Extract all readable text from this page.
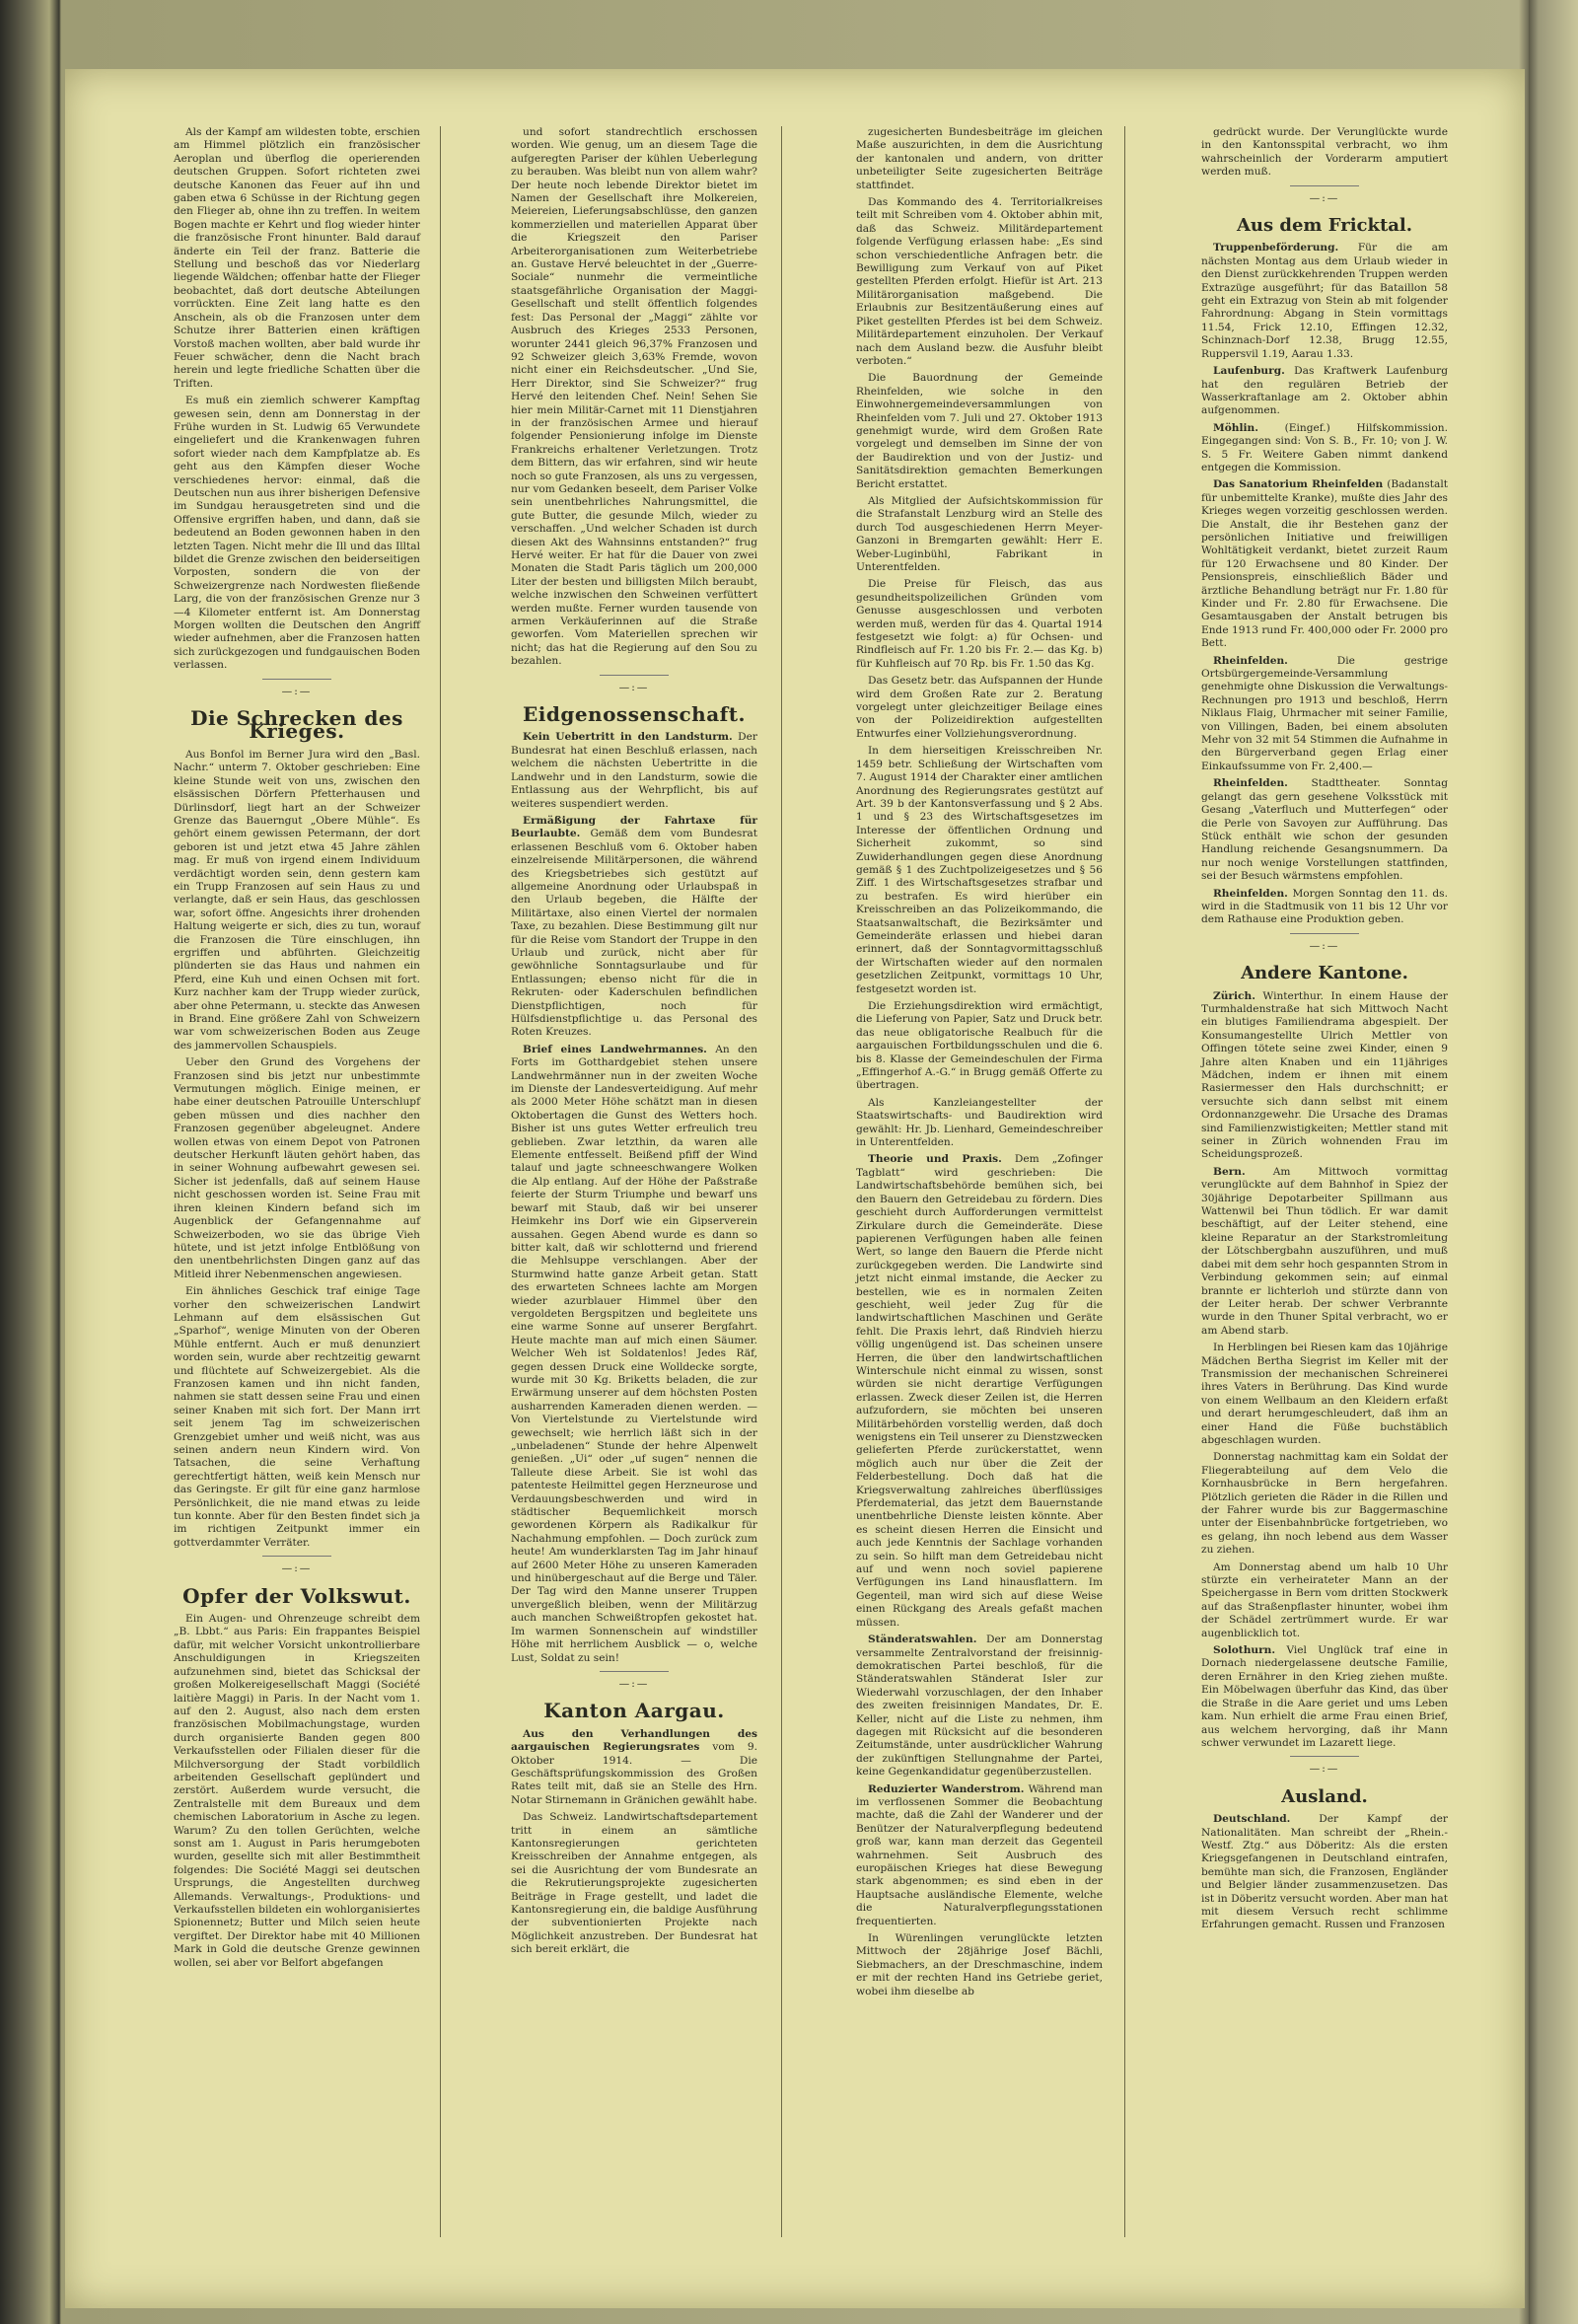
Als der Kampf am wildesten tobte, erschien am Himmel plötzlich ein französischer Aeroplan und überflog die operierenden deutschen Gruppen. Sofort richteten zwei deutsche Kanonen das Feuer auf ihn und gaben etwa 6 Schüsse in der Richtung gegen den Flieger ab, ohne ihn zu treffen. In weitem Bogen machte er Kehrt und flog wieder hinter die französische Front hinunter. Bald darauf änderte ein Teil der franz. Batterie die Stellung und beschoß das vor Niederlarg liegende Wäldchen; offenbar hatte der Flieger beobachtet, daß dort deutsche Abteilungen vorrückten. Eine Zeit lang hatte es den Anschein, als ob die Franzosen unter dem Schutze ihrer Batterien einen kräftigen Vorstoß machen wollten, aber bald wurde ihr Feuer schwächer, denn die Nacht brach herein und legte friedliche Schatten über die Triften.

Es muß ein ziemlich schwerer Kampftag gewesen sein, denn am Donnerstag in der Frühe wurden in St. Ludwig 65 Verwundete eingeliefert und die Krankenwagen fuhren sofort wieder nach dem Kampfplatze ab. Es geht aus den Kämpfen dieser Woche verschiedenes hervor: einmal, daß die Deutschen nun aus ihrer bisherigen Defensive im Sundgau herausgetreten sind und die Offensive ergriffen haben, und dann, daß sie bedeutend an Boden gewonnen haben in den letzten Tagen. Nicht mehr die Ill und das Illtal bildet die Grenze zwischen den beiderseitigen Vorposten, sondern die von der Schweizergrenze nach Nordwesten fließende Larg, die von der französischen Grenze nur 3—4 Kilometer entfernt ist. Am Donnerstag Morgen wollten die Deutschen den Angriff wieder aufnehmen, aber die Franzosen hatten sich zurückgezogen und fundgauischen Boden verlassen.

—:—
Die Schrecken des Krieges.

Aus Bonfol im Berner Jura wird den „Basl. Nachr.“ unterm 7. Oktober geschrieben: Eine kleine Stunde weit von uns, zwischen den elsässischen Dörfern Pfetterhausen und Dürlinsdorf, liegt hart an der Schweizer Grenze das Bauerngut „Obere Mühle“. Es gehört einem gewissen Petermann, der dort geboren ist und jetzt etwa 45 Jahre zählen mag. Er muß von irgend einem Individuum verdächtigt worden sein, denn gestern kam ein Trupp Franzosen auf sein Haus zu und verlangte, daß er sein Haus, das geschlossen war, sofort öffne. Angesichts ihrer drohenden Haltung weigerte er sich, dies zu tun, worauf die Franzosen die Türe einschlugen, ihn ergriffen und abführten. Gleichzeitig plünderten sie das Haus und nahmen ein Pferd, eine Kuh und einen Ochsen mit fort. Kurz nachher kam der Trupp wieder zurück, aber ohne Petermann, u. steckte das Anwesen in Brand. Eine größere Zahl von Schweizern war vom schweizerischen Boden aus Zeuge des jammervollen Schauspiels.

Ueber den Grund des Vorgehens der Franzosen sind bis jetzt nur unbestimmte Vermutungen möglich. Einige meinen, er habe einer deutschen Patrouille Unterschlupf geben müssen und dies nachher den Franzosen gegenüber abgeleugnet. Andere wollen etwas von einem Depot von Patronen deutscher Herkunft läuten gehört haben, das in seiner Wohnung aufbewahrt gewesen sei. Sicher ist jedenfalls, daß auf seinem Hause nicht geschossen worden ist. Seine Frau mit ihren kleinen Kindern befand sich im Augenblick der Gefangennahme auf Schweizerboden, wo sie das übrige Vieh hütete, und ist jetzt infolge Entblößung von den unentbehrlichsten Dingen ganz auf das Mitleid ihrer Nebenmenschen angewiesen.

Ein ähnliches Geschick traf einige Tage vorher den schweizerischen Landwirt Lehmann auf dem elsässischen Gut „Sparhof“, wenige Minuten von der Oberen Mühle entfernt. Auch er muß denunziert worden sein, wurde aber rechtzeitig gewarnt und flüchtete auf Schweizergebiet. Als die Franzosen kamen und ihn nicht fanden, nahmen sie statt dessen seine Frau und einen seiner Knaben mit sich fort. Der Mann irrt seit jenem Tag im schweizerischen Grenzgebiet umher und weiß nicht, was aus seinen andern neun Kindern wird. Von Tatsachen, die seine Verhaftung gerechtfertigt hätten, weiß kein Mensch nur das Geringste. Er gilt für eine ganz harmlose Persönlichkeit, die nie mand etwas zu leide tun konnte. Aber für den Besten findet sich ja im richtigen Zeitpunkt immer ein gottverdammter Verräter.

—:—
Opfer der Volkswut.

Ein Augen- und Ohrenzeuge schreibt dem „B. Lbbt.“ aus Paris: Ein frappantes Beispiel dafür, mit welcher Vorsicht unkontrollierbare Anschuldigungen in Kriegszeiten aufzunehmen sind, bietet das Schicksal der großen Molkereigesellschaft Maggi (Société laitière Maggi) in Paris. In der Nacht vom 1. auf den 2. August, also nach dem ersten französischen Mobilmachungstage, wurden durch organisierte Banden gegen 800 Verkaufsstellen oder Filialen dieser für die Milchversorgung der Stadt vorbildlich arbeitenden Gesellschaft geplündert und zerstört. Außerdem wurde versucht, die Zentralstelle mit dem Bureaux und dem chemischen Laboratorium in Asche zu legen. Warum? Zu den tollen Gerüchten, welche sonst am 1. August in Paris herumgeboten wurden, gesellte sich mit aller Bestimmtheit folgendes: Die Société Maggi sei deutschen Ursprungs, die Angestellten durchweg Allemands. Verwaltungs-, Produktions- und Verkaufsstellen bildeten ein wohlorganisiertes Spionennetz; Butter und Milch seien heute vergiftet. Der Direktor habe mit 40 Millionen Mark in Gold die deutsche Grenze gewinnen wollen, sei aber vor Belfort abgefangen

und sofort standrechtlich erschossen worden. Wie genug, um an diesem Tage die aufgeregten Pariser der kühlen Ueberlegung zu berauben. Was bleibt nun von allem wahr? Der heute noch lebende Direktor bietet im Namen der Gesellschaft ihre Molkereien, Meiereien, Lieferungsabschlüsse, den ganzen kommerziellen und materiellen Apparat über die Kriegszeit den Pariser Arbeiterorganisationen zum Weiterbetriebe an. Gustave Hervé beleuchtet in der „Guerre-Sociale“ nunmehr die vermeintliche staatsgefährliche Organisation der Maggi-Gesellschaft und stellt öffentlich folgendes fest: Das Personal der „Maggi“ zählte vor Ausbruch des Krieges 2533 Personen, worunter 2441 gleich 96,37% Franzosen und 92 Schweizer gleich 3,63% Fremde, wovon nicht einer ein Reichsdeutscher. „Und Sie, Herr Direktor, sind Sie Schweizer?“ frug Hervé den leitenden Chef. Nein! Sehen Sie hier mein Militär-Carnet mit 11 Dienstjahren in der französischen Armee und hierauf folgender Pensionierung infolge im Dienste Frankreichs erhaltener Verletzungen. Trotz dem Bittern, das wir erfahren, sind wir heute noch so gute Franzosen, als uns zu vergessen, nur vom Gedanken beseelt, dem Pariser Volke sein unentbehrliches Nahrungsmittel, die gute Butter, die gesunde Milch, wieder zu verschaffen. „Und welcher Schaden ist durch diesen Akt des Wahnsinns entstanden?“ frug Hervé weiter. Er hat für die Dauer von zwei Monaten die Stadt Paris täglich um 200,000 Liter der besten und billigsten Milch beraubt, welche inzwischen den Schweinen verfüttert werden mußte. Ferner wurden tausende von armen Verkäuferinnen auf die Straße geworfen. Vom Materiellen sprechen wir nicht; das hat die Regierung auf den Sou zu bezahlen.

—:—
Eidgenossenschaft.

Kein Uebertritt in den Landsturm. Der Bundesrat hat einen Beschluß erlassen, nach welchem die nächsten Uebertritte in die Landwehr und in den Landsturm, sowie die Entlassung aus der Wehrpflicht, bis auf weiteres suspendiert werden.

Ermäßigung der Fahrtaxe für Beurlaubte. Gemäß dem vom Bundesrat erlassenen Beschluß vom 6. Oktober haben einzelreisende Militärpersonen, die während des Kriegsbetriebes sich gestützt auf allgemeine Anordnung oder Urlaubspaß in den Urlaub begeben, die Hälfte der Militärtaxe, also einen Viertel der normalen Taxe, zu bezahlen. Diese Bestimmung gilt nur für die Reise vom Standort der Truppe in den Urlaub und zurück, nicht aber für gewöhnliche Sonntagsurlaube und für Entlassungen; ebenso nicht für die in Rekruten- oder Kaderschulen befindlichen Dienstpflichtigen, noch für Hülfsdienstpflichtige u. das Personal des Roten Kreuzes.

Brief eines Landwehrmannes. An den Forts im Gotthardgebiet stehen unsere Landwehrmänner nun in der zweiten Woche im Dienste der Landesverteidigung. Auf mehr als 2000 Meter Höhe schätzt man in diesen Oktobertagen die Gunst des Wetters hoch. Bisher ist uns gutes Wetter erfreulich treu geblieben. Zwar letzthin, da waren alle Elemente entfesselt. Beißend pfiff der Wind talauf und jagte schneeschwangere Wolken die Alp entlang. Auf der Höhe der Paßstraße feierte der Sturm Triumphe und bewarf uns bewarf mit Staub, daß wir bei unserer Heimkehr ins Dorf wie ein Gipserverein aussahen. Gegen Abend wurde es dann so bitter kalt, daß wir schlotternd und frierend die Mehlsuppe verschlangen. Aber der Sturmwind hatte ganze Arbeit getan. Statt des erwarteten Schnees lachte am Morgen wieder azurblauer Himmel über den vergoldeten Bergspitzen und begleitete uns eine warme Sonne auf unserer Bergfahrt. Heute machte man auf mich einen Säumer. Welcher Weh ist Soldatenlos! Jedes Räf, gegen dessen Druck eine Wolldecke sorgte, wurde mit 30 Kg. Briketts beladen, die zur Erwärmung unserer auf dem höchsten Posten ausharrenden Kameraden dienen werden. — Von Viertelstunde zu Viertelstunde wird gewechselt; wie herrlich läßt sich in der „unbeladenen“ Stunde der hehre Alpenwelt genießen. „Ui“ oder „uf sugen“ nennen die Talleute diese Arbeit. Sie ist wohl das patenteste Heilmittel gegen Herzneurose und Verdauungsbeschwerden und wird in städtischer Bequemlichkeit morsch gewordenen Körpern als Radikalkur für Nachahmung empfohlen. — Doch zurück zum heute! Am wunderklarsten Tag im Jahr hinauf auf 2600 Meter Höhe zu unseren Kameraden und hinübergeschaut auf die Berge und Täler. Der Tag wird den Manne unserer Truppen unvergeßlich bleiben, wenn der Militärzug auch manchen Schweißtropfen gekostet hat. Im warmen Sonnenschein auf windstiller Höhe mit herrlichem Ausblick — o, welche Lust, Soldat zu sein!

—:—
Kanton Aargau.

Aus den Verhandlungen des aargauischen Regierungsrates vom 9. Oktober 1914. — Die Geschäftsprüfungskommission des Großen Rates teilt mit, daß sie an Stelle des Hrn. Notar Stirnemann in Gränichen gewählt habe.

Das Schweiz. Landwirtschaftsdepartement tritt in einem an sämtliche Kantonsregierungen gerichteten Kreisschreiben der Annahme entgegen, als sei die Ausrichtung der vom Bundesrate an die Rekrutierungsprojekte zugesicherten Beiträge in Frage gestellt, und ladet die Kantonsregierung ein, die baldige Ausführung der subventionierten Projekte nach Möglichkeit anzustreben. Der Bundesrat hat sich bereit erklärt, die

zugesicherten Bundesbeiträge im gleichen Maße auszurichten, in dem die Ausrichtung der kantonalen und andern, von dritter unbeteiligter Seite zugesicherten Beiträge stattfindet.

Das Kommando des 4. Territorialkreises teilt mit Schreiben vom 4. Oktober abhin mit, daß das Schweiz. Militärdepartement folgende Verfügung erlassen habe: „Es sind schon verschiedentliche Anfragen betr. die Bewilligung zum Verkauf von auf Piket gestellten Pferden erfolgt. Hiefür ist Art. 213 Militärorganisation maßgebend. Die Erlaubnis zur Besitzentäußerung eines auf Piket gestellten Pferdes ist bei dem Schweiz. Militärdepartement einzuholen. Der Verkauf nach dem Ausland bezw. die Ausfuhr bleibt verboten.“

Die Bauordnung der Gemeinde Rheinfelden, wie solche in den Einwohnergemeindeversammlungen von Rheinfelden vom 7. Juli und 27. Oktober 1913 genehmigt wurde, wird dem Großen Rate vorgelegt und demselben im Sinne der von der Baudirektion und von der Justiz- und Sanitätsdirektion gemachten Bemerkungen Bericht erstattet.

Als Mitglied der Aufsichtskommission für die Strafanstalt Lenzburg wird an Stelle des durch Tod ausgeschiedenen Herrn Meyer-Ganzoni in Bremgarten gewählt: Herr E. Weber-Luginbühl, Fabrikant in Unterentfelden.

Die Preise für Fleisch, das aus gesundheitspolizeilichen Gründen vom Genusse ausgeschlossen und verboten werden muß, werden für das 4. Quartal 1914 festgesetzt wie folgt: a) für Ochsen- und Rindfleisch auf Fr. 1.20 bis Fr. 2.— das Kg. b) für Kuhfleisch auf 70 Rp. bis Fr. 1.50 das Kg.

Das Gesetz betr. das Aufspannen der Hunde wird dem Großen Rate zur 2. Beratung vorgelegt unter gleichzeitiger Beilage eines von der Polizeidirektion aufgestellten Entwurfes einer Vollziehungsverordnung.

In dem hierseitigen Kreisschreiben Nr. 1459 betr. Schließung der Wirtschaften vom 7. August 1914 der Charakter einer amtlichen Anordnung des Regierungsrates gestützt auf Art. 39 b der Kantonsverfassung und § 2 Abs. 1 und § 23 des Wirtschaftsgesetzes im Interesse der öffentlichen Ordnung und Sicherheit zukommt, so sind Zuwiderhandlungen gegen diese Anordnung gemäß § 1 des Zuchtpolizeigesetzes und § 56 Ziff. 1 des Wirtschaftsgesetzes strafbar und zu bestrafen. Es wird hierüber ein Kreisschreiben an das Polizeikommando, die Staatsanwaltschaft, die Bezirksämter und Gemeinderäte erlassen und hiebei daran erinnert, daß der Sonntagvormittagsschluß der Wirtschaften wieder auf den normalen gesetzlichen Zeitpunkt, vormittags 10 Uhr, festgesetzt worden ist.

Die Erziehungsdirektion wird ermächtigt, die Lieferung von Papier, Satz und Druck betr. das neue obligatorische Realbuch für die aargauischen Fortbildungsschulen und die 6. bis 8. Klasse der Gemeindeschulen der Firma „Effingerhof A.-G.“ in Brugg gemäß Offerte zu übertragen.

Als Kanzleiangestellter der Staatswirtschafts- und Baudirektion wird gewählt: Hr. Jb. Lienhard, Gemeindeschreiber in Unterentfelden.

Theorie und Praxis. Dem „Zofinger Tagblatt“ wird geschrieben: Die Landwirtschaftsbehörde bemühen sich, bei den Bauern den Getreidebau zu fördern. Dies geschieht durch Aufforderungen vermittelst Zirkulare durch die Gemeinderäte. Diese papierenen Verfügungen haben alle feinen Wert, so lange den Bauern die Pferde nicht zurückgegeben werden. Die Landwirte sind jetzt nicht einmal imstande, die Aecker zu bestellen, wie es in normalen Zeiten geschieht, weil jeder Zug für die landwirtschaftlichen Maschinen und Geräte fehlt. Die Praxis lehrt, daß Rindvieh hierzu völlig ungenügend ist. Das scheinen unsere Herren, die über den landwirtschaftlichen Winterschule nicht einmal zu wissen, sonst würden sie nicht derartige Verfügungen erlassen. Zweck dieser Zeilen ist, die Herren aufzufordern, sie möchten bei unseren Militärbehörden vorstellig werden, daß doch wenigstens ein Teil unserer zu Dienstzwecken gelieferten Pferde zurückerstattet, wenn möglich auch nur über die Zeit der Felderbestellung. Doch daß hat die Kriegsverwaltung zahlreiches überflüssiges Pferdematerial, das jetzt dem Bauernstande unentbehrliche Dienste leisten könnte. Aber es scheint diesen Herren die Einsicht und auch jede Kenntnis der Sachlage vorhanden zu sein. So hilft man dem Getreidebau nicht auf und wenn noch soviel papierene Verfügungen ins Land hinausflattern. Im Gegenteil, man wird sich auf diese Weise einen Rückgang des Areals gefaßt machen müssen.

Ständeratswahlen. Der am Donnerstag versammelte Zentralvorstand der freisinnig-demokratischen Partei beschloß, für die Ständeratswahlen Ständerat Isler zur Wiederwahl vorzuschlagen, der den Inhaber des zweiten freisinnigen Mandates, Dr. E. Keller, nicht auf die Liste zu nehmen, ihm dagegen mit Rücksicht auf die besonderen Zeitumstände, unter ausdrücklicher Wahrung der zukünftigen Stellungnahme der Partei, keine Gegenkandidatur gegenüberzustellen.

Reduzierter Wanderstrom. Während man im verflossenen Sommer die Beobachtung machte, daß die Zahl der Wanderer und der Benützer der Naturalverpflegung bedeutend groß war, kann man derzeit das Gegenteil wahrnehmen. Seit Ausbruch des europäischen Krieges hat diese Bewegung stark abgenommen; es sind eben in der Hauptsache ausländische Elemente, welche die Naturalverpflegungsstationen frequentierten.

In Würenlingen verunglückte letzten Mittwoch der 28jährige Josef Bächli, Siebmachers, an der Dreschmaschine, indem er mit der rechten Hand ins Getriebe geriet, wobei ihm dieselbe ab

gedrückt wurde. Der Verunglückte wurde in den Kantonsspital verbracht, wo ihm wahrscheinlich der Vorderarm amputiert werden muß.

—:—
Aus dem Fricktal.

Truppenbeförderung. Für die am nächsten Montag aus dem Urlaub wieder in den Dienst zurückkehrenden Truppen werden Extrazüge ausgeführt; für das Bataillon 58 geht ein Extrazug von Stein ab mit folgender Fahrordnung: Abgang in Stein vormittags 11.54, Frick 12.10, Effingen 12.32, Schinznach-Dorf 12.38, Brugg 12.55, Ruppersvil 1.19, Aarau 1.33.

Laufenburg. Das Kraftwerk Laufenburg hat den regulären Betrieb der Wasserkraftanlage am 2. Oktober abhin aufgenommen.

Möhlin.	(Eingef.) Hilfskommission. Eingegangen sind: Von S. B., Fr. 10; von J. W. S. 5 Fr. Weitere Gaben nimmt dankend entgegen die Kommission.

Das Sanatorium Rheinfelden (Badanstalt für unbemittelte Kranke), mußte dies Jahr des Krieges wegen vorzeitig geschlossen werden. Die Anstalt, die ihr Bestehen ganz der persönlichen Initiative und freiwilligen Wohltätigkeit verdankt, bietet zurzeit Raum für 120 Erwachsene und 80 Kinder. Der Pensionspreis, einschließlich Bäder und ärztliche Behandlung beträgt nur Fr. 1.80 für Kinder und Fr. 2.80 für Erwachsene. Die Gesamtausgaben der Anstalt betrugen bis Ende 1913 rund Fr. 400,000 oder Fr. 2000 pro Bett.

Rheinfelden.	Die gestrige Ortsbürgergemeinde-Versammlung genehmigte ohne Diskussion die Verwaltungs-Rechnungen pro 1913 und beschloß, Herrn Niklaus Flaig, Uhrmacher mit seiner Familie, von Villingen, Baden, bei einem absoluten Mehr von 32 mit 54 Stimmen die Aufnahme in den Bürgerverband gegen Erlag einer Einkaufssumme von Fr. 2,400.—

Rheinfelden. Stadttheater. Sonntag gelangt das gern gesehene Volksstück mit Gesang „Vaterfluch und Mutterfegen“ oder die Perle von Savoyen zur Aufführung. Das Stück enthält wie schon der gesunden Handlung reichende Gesangsnummern. Da nur noch wenige Vorstellungen stattfinden, sei der Besuch wärmstens empfohlen.

Rheinfelden. Morgen Sonntag den 11. ds. wird in die Stadtmusik von 11 bis 12 Uhr vor dem Rathause eine Produktion geben.

—:—
Andere Kantone.

Zürich. Winterthur. In einem Hause der Turmhaldenstraße hat sich Mittwoch Nacht ein blutiges Familiendrama abgespielt. Der Konsumangestellte Ulrich Mettler von Offingen tötete seine zwei Kinder, einen 9 Jahre alten Knaben und ein 11jähriges Mädchen, indem er ihnen mit einem Rasiermesser den Hals durchschnitt; er versuchte sich dann selbst mit einem Ordonnanzgewehr. Die Ursache des Dramas sind Familienzwistigkeiten; Mettler stand mit seiner in Zürich wohnenden Frau im Scheidungsprozeß.

Bern.	Am Mittwoch vormittag verunglückte auf dem Bahnhof in Spiez der 30jährige Depotarbeiter Spillmann aus Wattenwil bei Thun tödlich. Er war damit beschäftigt, auf der Leiter stehend, eine kleine Reparatur an der Starkstromleitung der Lötschbergbahn auszuführen, und muß dabei mit dem sehr hoch gespannten Strom in Verbindung gekommen sein; auf einmal brannte er lichterloh und stürzte dann von der Leiter herab. Der schwer Verbrannte wurde in den Thuner Spital verbracht, wo er am Abend starb.

In Herblingen bei Riesen kam das 10jährige Mädchen Bertha Siegrist im Keller mit der Transmission der mechanischen Schreinerei ihres Vaters in Berührung. Das Kind wurde von einem Wellbaum an den Kleidern erfaßt und derart herumgeschleudert, daß ihm an einer Hand die Füße buchstäblich abgeschlagen wurden.

Donnerstag nachmittag kam ein Soldat der Fliegerabteilung auf dem Velo die Kornhausbrücke in Bern hergefahren. Plötzlich gerieten die Räder in die Rillen und der Fahrer wurde bis zur Baggermaschine unter der Eisenbahnbrücke fortgetrieben, wo es gelang, ihn noch lebend aus dem Wasser zu ziehen.

Am Donnerstag abend um halb 10 Uhr stürzte ein verheirateter Mann an der Speichergasse in Bern vom dritten Stockwerk auf das Straßenpflaster hinunter, wobei ihm der Schädel zertrümmert wurde. Er war augenblicklich tot.

Solothurn. Viel Unglück traf eine in Dornach niedergelassene deutsche Familie, deren Ernährer in den Krieg ziehen mußte. Ein Möbelwagen überfuhr das Kind, das über die Straße in die Aare geriet und ums Leben kam. Nun erhielt die arme Frau einen Brief, aus welchem hervorging, daß ihr Mann schwer verwundet im Lazarett liege.

—:—
Ausland.

Deutschland.	Der Kampf der Nationalitäten. Man schreibt der „Rhein.-Westf. Ztg.“ aus Döberitz: Als die ersten Kriegsgefangenen in Deutschland eintrafen, bemühte man sich, die Franzosen, Engländer und Belgier länder zusammenzusetzen. Das ist in Döberitz versucht worden. Aber man hat mit diesem Versuch recht schlimme Erfahrungen gemacht. Russen und Franzosen
